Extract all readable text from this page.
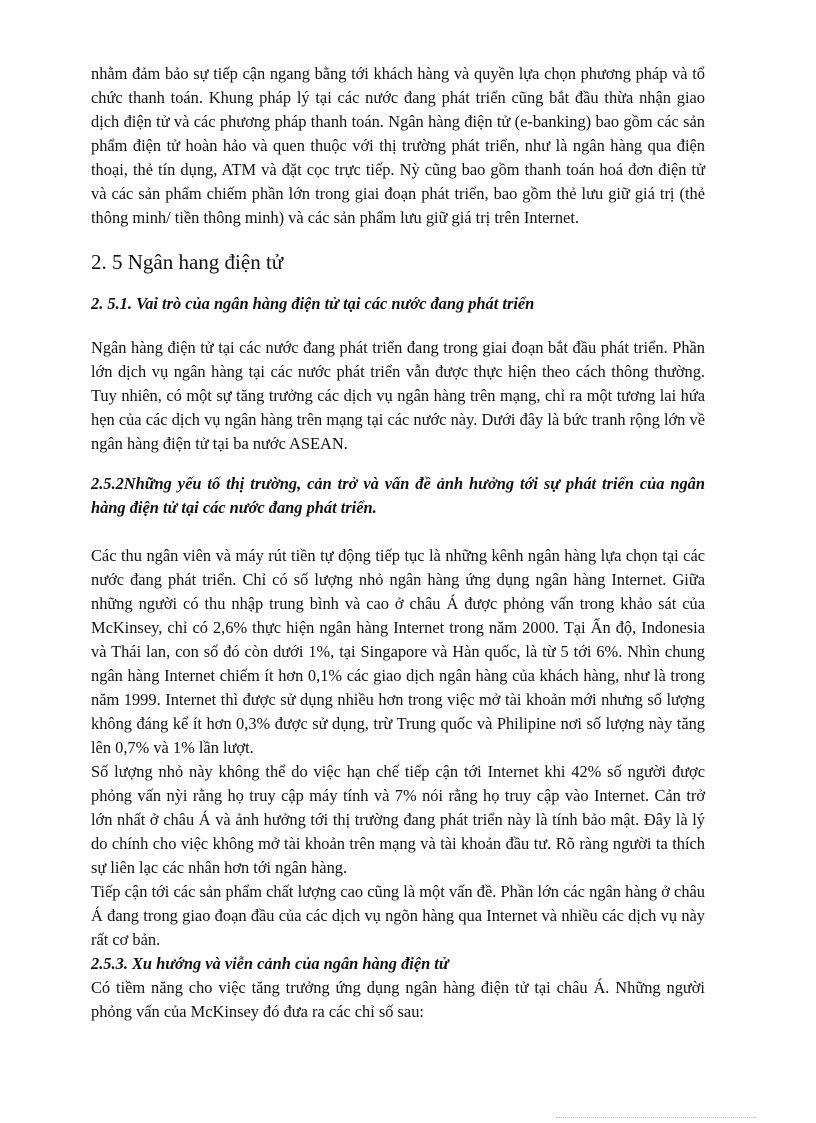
nhằm đảm bảo sự tiếp cận ngang bằng tới khách hàng và quyền lựa chọn phương pháp và tổ chức thanh toán. Khung pháp lý tại các nước đang phát triển cũng bắt đầu thừa nhận giao dịch điện tử và các phương pháp thanh toán. Ngân hàng điện tử (e-banking) bao gồm các sản phẩm điện tử hoàn hảo và quen thuộc với thị trường phát triển, như là ngân hàng qua điện thoại, thẻ tín dụng, ATM và đặt cọc trực tiếp. Nỳ cũng bao gồm thanh toán hoá đơn điện tử và các sản phẩm chiếm phần lớn trong giai đoạn phát triển, bao gồm thẻ lưu giữ giá trị (thẻ thông minh/ tiền thông minh) và các sản phẩm lưu giữ giá trị trên Internet.

2. 5 Ngân hang điện tử
2. 5.1. Vai trò của ngân hàng điện tử tại các nước đang phát triển

Ngân hàng điện tử tại các nước đang phát triển đang trong giai đoạn bắt đầu phát triển. Phần lớn dịch vụ ngân hàng tại các nước phát triển vẫn được thực hiện theo cách thông thường. Tuy nhiên, có một sự tăng trưởng các dịch vụ ngân hàng trên mạng, chỉ ra một tương lai hứa hẹn của các dịch vụ ngân hàng trên mạng tại các nước này. Dưới đây là bức tranh rộng lớn về ngân hàng điện tử tại ba nước ASEAN.

2.5.2Những yếu tố thị trường, cản trở và vấn đề ảnh hưởng tới sự phát triển của ngân hàng điện tử tại các nước đang phát triển.

Các thu ngân viên và máy rút tiền tự động tiếp tục là những kênh ngân hàng lựa chọn tại các nước đang phát triển. Chỉ có số lượng nhỏ ngân hàng ứng dụng ngân hàng Internet. Giữa những người có thu nhập trung bình và cao ở châu Á được phỏng vấn trong khảo sát của McKinsey, chỉ có 2,6% thực hiện ngân hàng Internet trong năm 2000. Tại Ấn độ, Indonesia và Thái lan, con số đó còn dưới 1%, tại Singapore và Hàn quốc, là từ 5 tới 6%. Nhìn chung ngân hàng Internet chiếm ít hơn 0,1% các giao dịch ngân hàng của khách hàng, như là trong năm 1999. Internet thì được sử dụng nhiều hơn trong việc mở tài khoản mới nhưng số lượng không đáng kể ít hơn 0,3% được sử dụng, trừ Trung quốc và Philipine nơi số lượng này tăng lên 0,7% và 1% lần lượt.

Số lượng nhỏ này không thể do việc hạn chế tiếp cận tới Internet khi 42% số người được phỏng vấn nỳi rằng họ truy cập máy tính và 7% nói rằng họ truy cập vào Internet. Cản trở lớn nhất ở châu Á và ảnh hưởng tới thị trường đang phát triển này là tính bảo mật. Đây là lý do chính cho việc không mở tài khoản trên mạng và tài khoản đầu tư. Rõ ràng người ta thích sự liên lạc các nhân hơn tới ngân hàng.

Tiếp cận tới các sản phẩm chất lượng cao cũng là một vấn đề. Phần lớn các ngân hàng ở châu Á đang trong giao đoạn đầu của các dịch vụ ngõn hàng qua Internet và nhiều các dịch vụ này rất cơ bản.

2.5.3. Xu hướng và viễn cảnh của ngân hàng điện tử

Có tiềm năng cho việc tăng trưởng ứng dụng ngân hàng điện tử tại châu Á. Những người phỏng vấn của McKinsey đó đưa ra các chỉ số sau:
